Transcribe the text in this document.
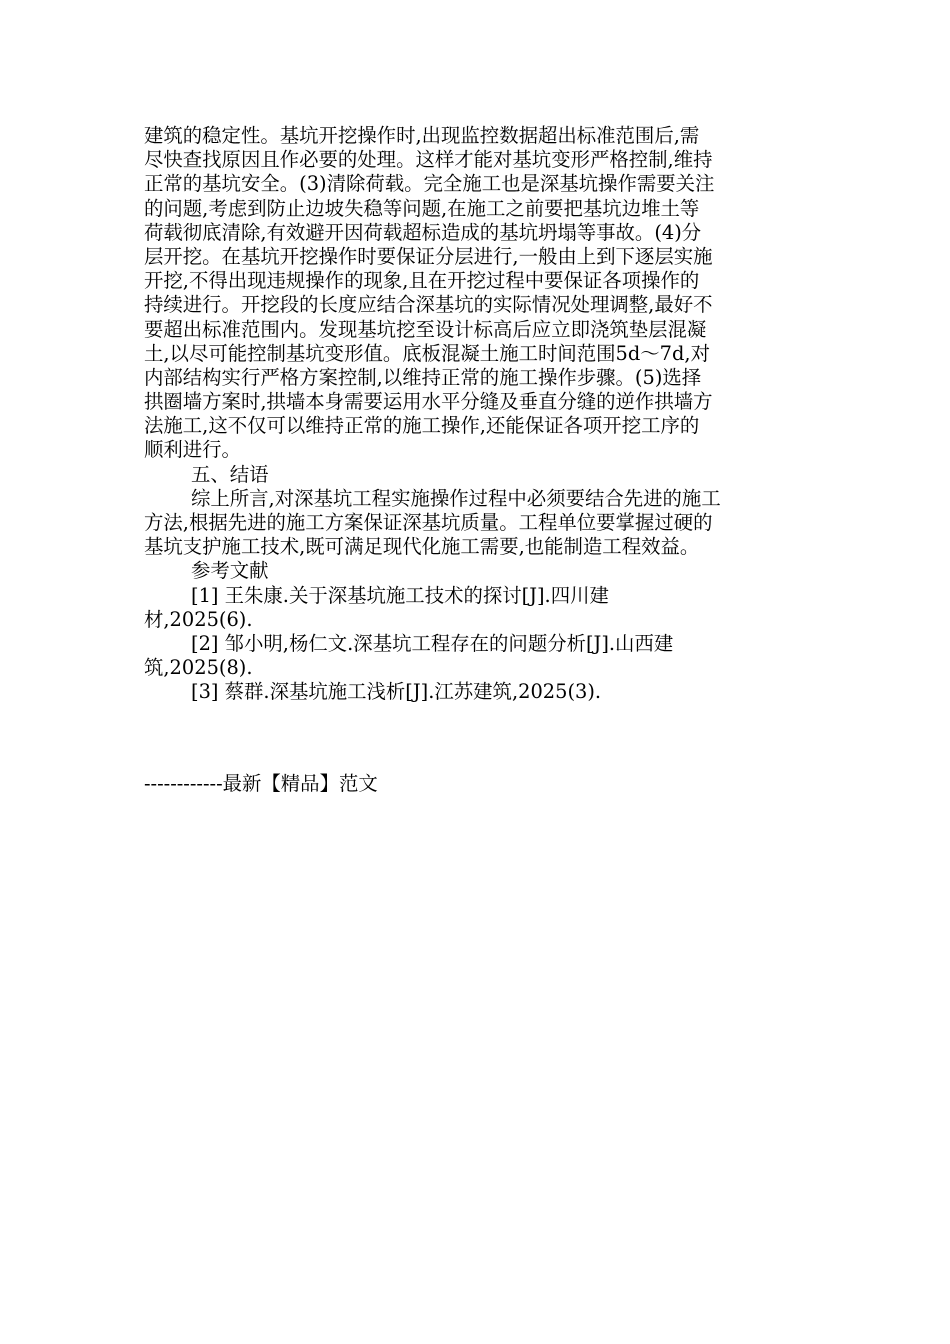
建筑的稳定性。基坑开挖操作时,出现监控数据超出标准范围后,需
尽快查找原因且作必要的处理。这样才能对基坑变形严格控制,维持
正常的基坑安全。(3)清除荷载。完全施工也是深基坑操作需要关注
的问题,考虑到防止边坡失稳等问题,在施工之前要把基坑边堆土等
荷载彻底清除,有效避开因荷载超标造成的基坑坍塌等事故。(4)分
层开挖。在基坑开挖操作时要保证分层进行,一般由上到下逐层实施
开挖,不得出现违规操作的现象,且在开挖过程中要保证各项操作的
持续进行。开挖段的长度应结合深基坑的实际情况处理调整,最好不
要超出标准范围内。发现基坑挖至设计标高后应立即浇筑垫层混凝
土,以尽可能控制基坑变形值。底板混凝土施工时间范围5d～7d,对
内部结构实行严格方案控制,以维持正常的施工操作步骤。(5)选择
拱圈墙方案时,拱墙本身需要运用水平分缝及垂直分缝的逆作拱墙方
法施工,这不仅可以维持正常的施工操作,还能保证各项开挖工序的
顺利进行。
五、结语
综上所言,对深基坑工程实施操作过程中必须要结合先进的施工
方法,根据先进的施工方案保证深基坑质量。工程单位要掌握过硬的
基坑支护施工技术,既可满足现代化施工需要,也能制造工程效益。
参考文献
[1] 王朱康.关于深基坑施工技术的探讨[J].四川建
材,2025(6).
[2] 邹小明,杨仁文.深基坑工程存在的问题分析[J].山西建
筑,2025(8).
[3] 蔡群.深基坑施工浅析[J].江苏建筑,2025(3).
------------最新【精品】范文
